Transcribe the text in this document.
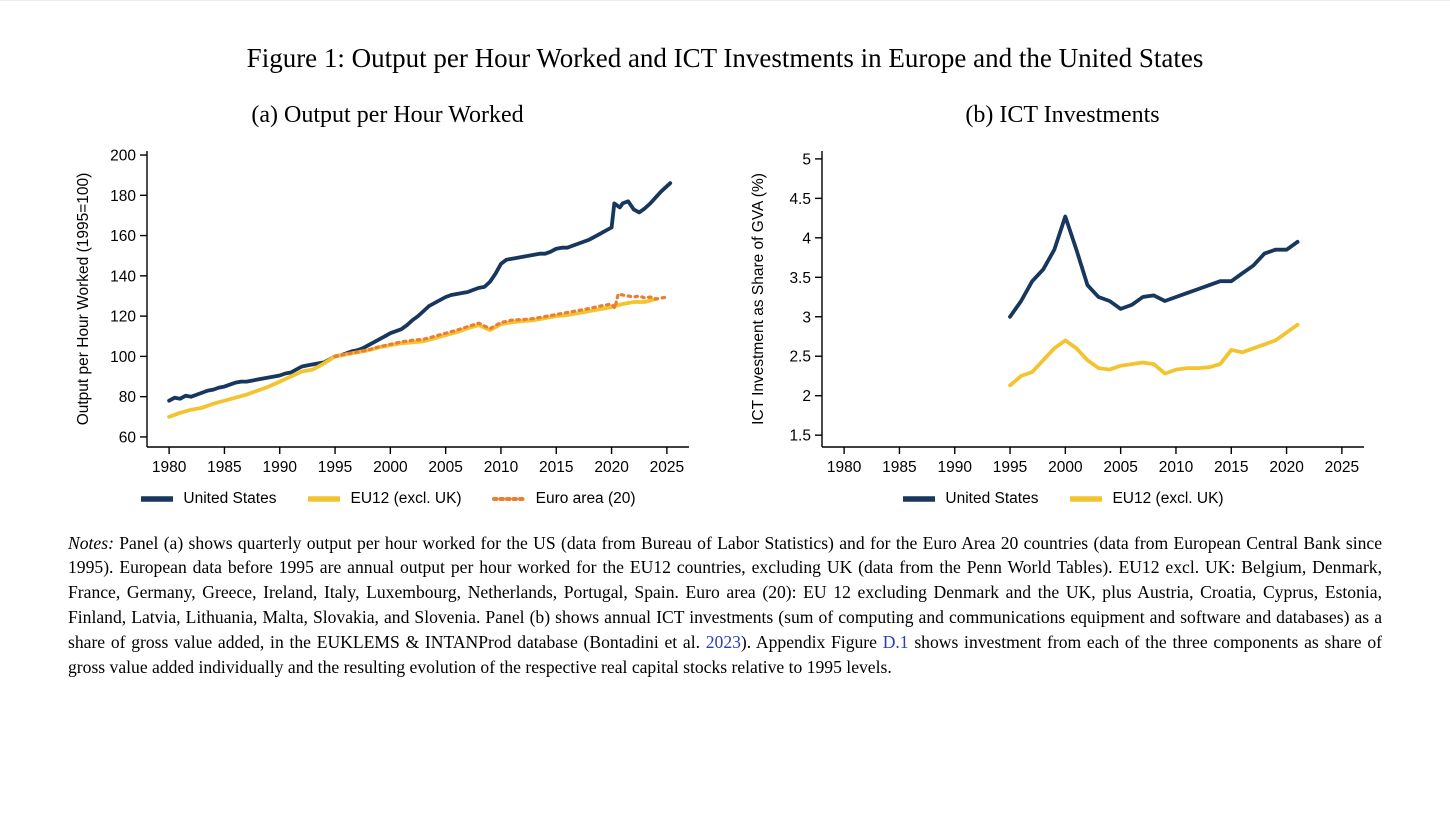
Figure 1: Output per Hour Worked and ICT Investments in Europe and the United States
(a) Output per Hour Worked
60
80
100
120
140
160
180
200
1980 1985 1990 1995 2000 2005 2010 2015 2020 2025
Output per Hour Worked (1995=100)
United States	EU12 (excl. UK)	Euro area (20)
(b) ICT Investments
1.5
2
2.5
3
3.5
4
4.5
5
1980 1985 1990 1995 2000 2005 2010 2015 2020 2025
ICT Investment as Share of GVA (%)
United States	EU12 (excl. UK)

Notes: Panel (a) shows quarterly output per hour worked for the US (data from Bureau of Labor Statistics) and for the Euro Area 20 countries (data from European Central Bank since 1995). European data before 1995 are annual output per hour worked for the EU12 countries, excluding UK (data from the Penn World Tables). EU12 excl. UK: Belgium, Denmark, France, Germany, Greece, Ireland, Italy, Luxembourg, Netherlands, Portugal, Spain. Euro area (20): EU 12 excluding Denmark and the UK, plus Austria, Croatia, Cyprus, Estonia, Finland, Latvia, Lithuania, Malta, Slovakia, and Slovenia. Panel (b) shows annual ICT investments (sum of computing and communications equipment and software and databases) as a share of gross value added, in the EUKLEMS & INTANProd database (Bontadini et al. 2023). Appendix Figure D.1 shows investment from each of the three components as share of gross value added individually and the resulting evolution of the respective real capital stocks relative to 1995 levels.
